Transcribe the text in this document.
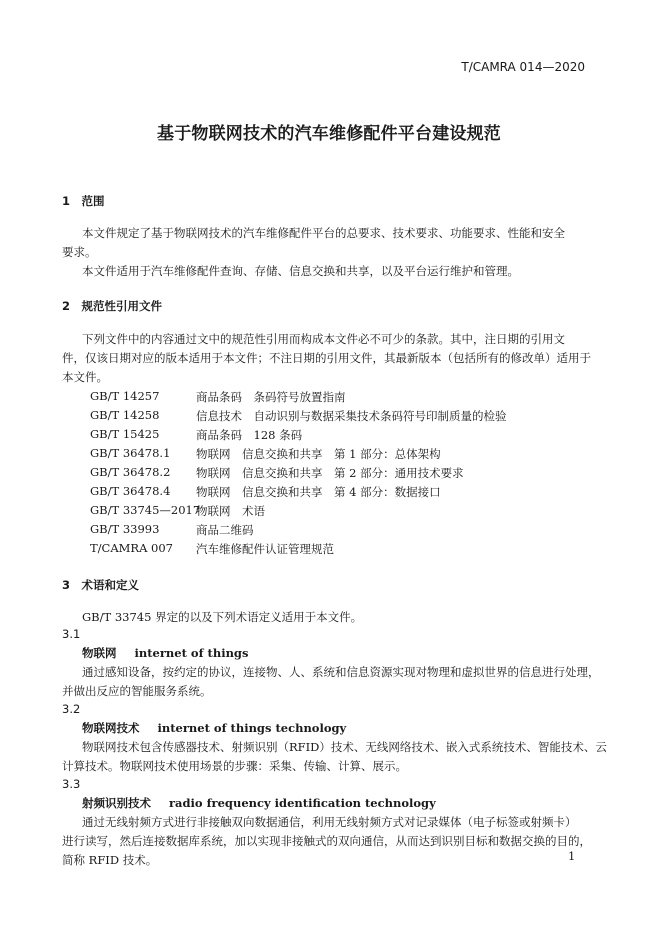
T/CAMRA 014—2020
基于物联网技术的汽车维修配件平台建设规范
1　范围
本文件规定了基于物联网技术的汽车维修配件平台的总要求、技术要求、功能要求、性能和安全
要求。
本文件适用于汽车维修配件查询、存储、信息交换和共享，以及平台运行维护和管理。
2　规范性引用文件
下列文件中的内容通过文中的规范性引用而构成本文件必不可少的条款。其中，注日期的引用文
件，仅该日期对应的版本适用于本文件；不注日期的引用文件，其最新版本（包括所有的修改单）适用于
本文件。
GB/T 14257	商品条码　条码符号放置指南
GB/T 14258	信息技术　自动识别与数据采集技术条码符号印制质量的检验
GB/T 15425	商品条码　128 条码
GB/T 36478.1 物联网　信息交换和共享　第 1 部分：总体架构
GB/T 36478.2 物联网　信息交换和共享　第 2 部分：通用技术要求
GB/T 36478.4 物联网　信息交换和共享　第 4 部分：数据接口
GB/T 33745—2017
物联网　术语
GB/T 33993	商品二维码
T/CAMRA 007 汽车维修配件认证管理规范
3　术语和定义
GB/T 33745 界定的以及下列术语定义适用于本文件。
3.1
物联网 internet of things
通过感知设备，按约定的协议，连接物、人、系统和信息资源实现对物理和虚拟世界的信息进行处理，
并做出反应的智能服务系统。
3.2
物联网技术 internet of things technology
物联网技术包含传感器技术、射频识别（RFID）技术、无线网络技术、嵌入式系统技术、智能技术、云
计算技术。物联网技术使用场景的步骤：采集、传输、计算、展示。
3.3
射频识别技术 radio frequency identification technology
通过无线射频方式进行非接触双向数据通信，利用无线射频方式对记录媒体（电子标签或射频卡）
进行读写，然后连接数据库系统，加以实现非接触式的双向通信，从而达到识别目标和数据交换的目的，
简称 RFID 技术。	1
